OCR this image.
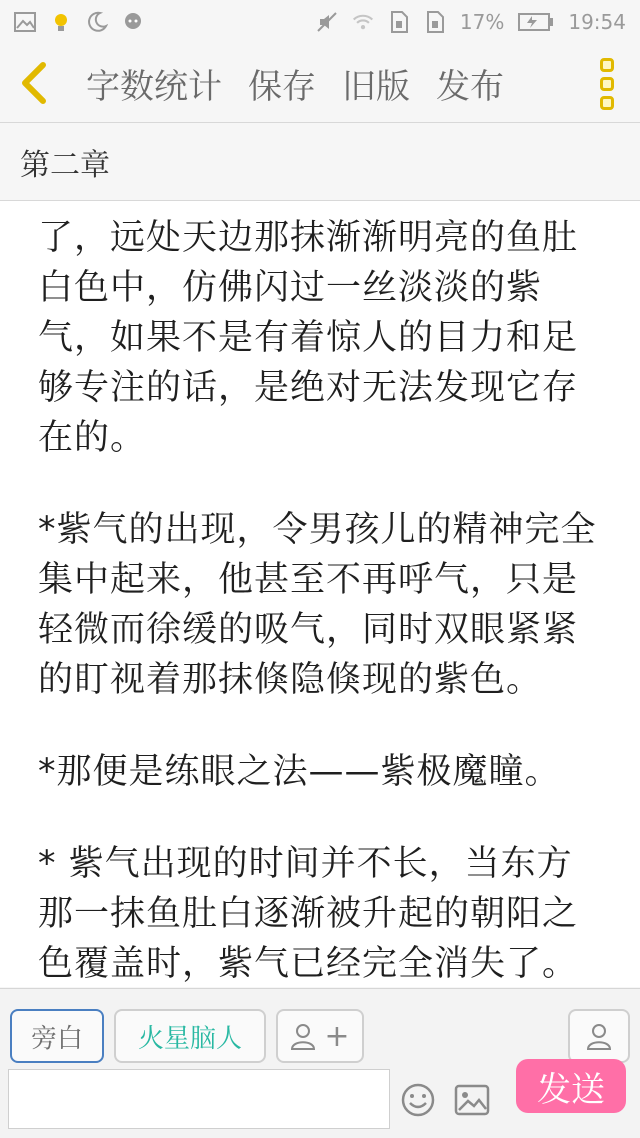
17%	19:54
字数统计 保存 旧版 发布
第二章

了，远处天边那抹渐渐明亮的鱼肚白色中，仿佛闪过一丝淡淡的紫气，如果不是有着惊人的目力和足够专注的话，是绝对无法发现它存在的。

*紫气的出现，令男孩儿的精神完全集中起来，他甚至不再呼气，只是轻微而徐缓的吸气，同时双眼紧紧的盯视着那抹倏隐倏现的紫色。

*那便是练眼之法——紫极魔瞳。

* 紫气出现的时间并不长，当东方那一抹鱼肚白逐渐被升起的朝阳之色覆盖时，紫气已经完全消失了。

旁白	火星脑人	+
发送
